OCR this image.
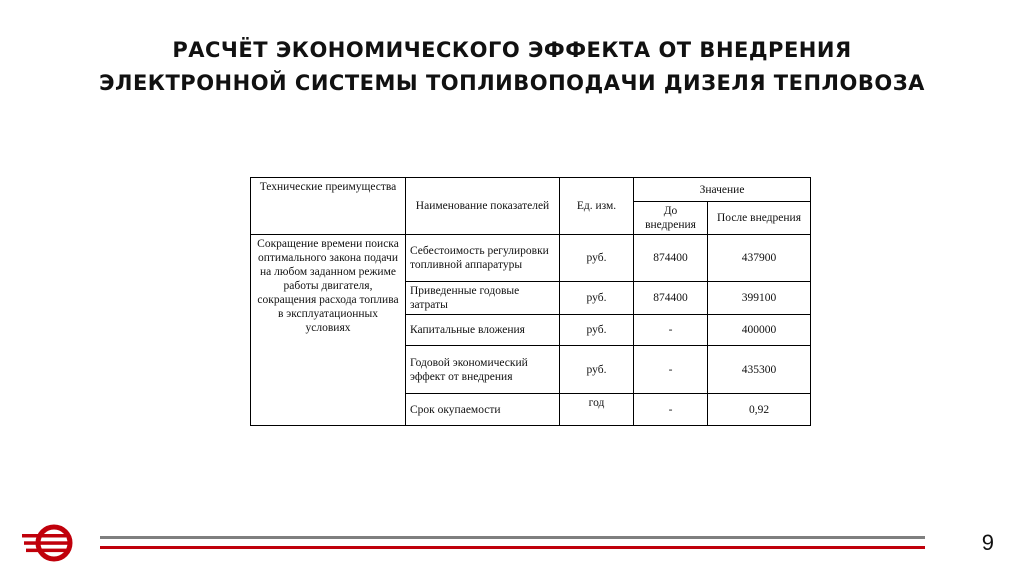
РАСЧЁТ ЭКОНОМИЧЕСКОГО ЭФФЕКТА ОТ ВНЕДРЕНИЯ
ЭЛЕКТРОННОЙ СИСТЕМЫ ТОПЛИВОПОДАЧИ ДИЗЕЛЯ ТЕПЛОВОЗА
Технические преимущества	Наименование показателей	Ед. изм.	Значение	
			До внедрения	После внедрения
Сокращение времени поиска оптимального закона подачи на любом заданном режиме работы двигателя, сокращения расхода топлива в эксплуатационных условиях	Себестоимость регулировки топливной аппаратуры	руб.	874400	437900
	Приведенные годовые затраты	руб.	874400	399100
	Капитальные вложения	руб.	-	400000
	Годовой экономический эффект от внедрения	руб.	-	435300
	Срок окупаемости	год	-	0,92
9
